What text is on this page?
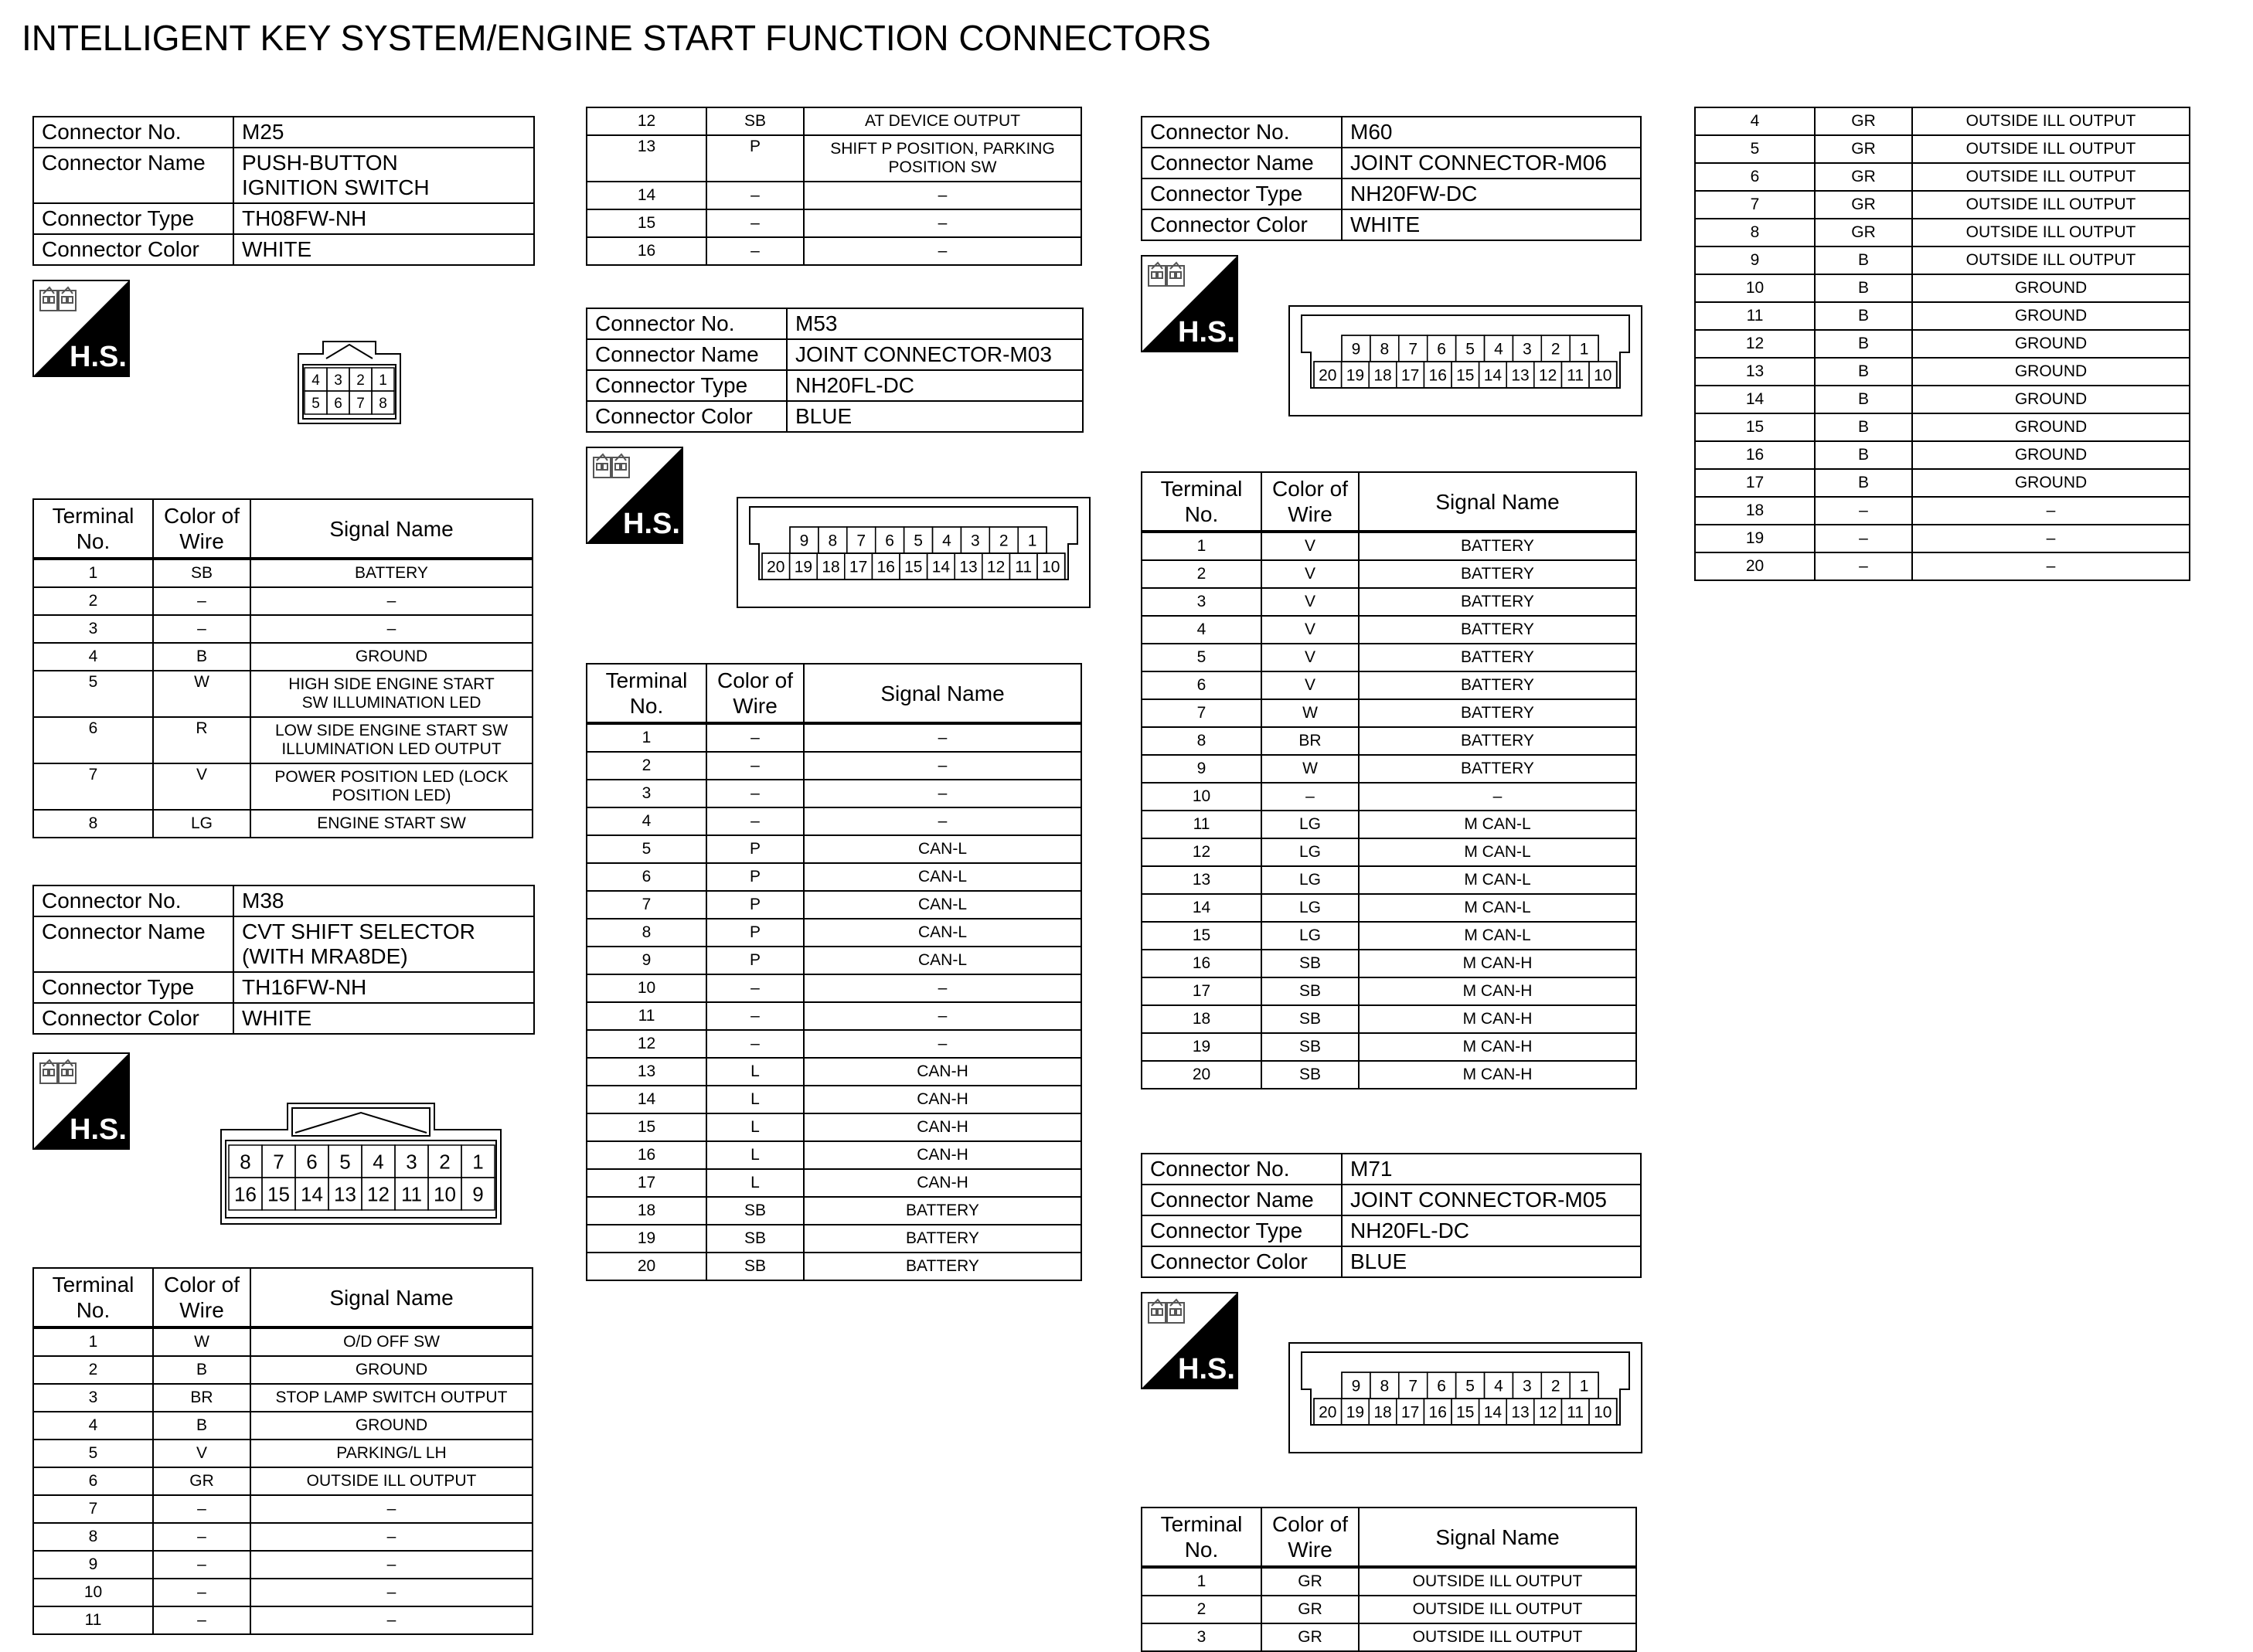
INTELLIGENT KEY SYSTEM/ENGINE START FUNCTION CONNECTORS
Connector No.	M25
Connector Name	PUSH-BUTTON IGNITION SWITCH
Connector Type	TH08FW-NH
Connector Color	WHITE
H.S.
4 3 2 1
5 6 7 8
Terminal No.	Color of Wire	Signal Name
1	SB	BATTERY
2	–	–
3	–	–
4	B	GROUND
5	W	HIGH SIDE ENGINE START SW ILLUMINATION LED
6	R	LOW SIDE ENGINE START SW ILLUMINATION LED OUTPUT
7	V	POWER POSITION LED (LOCK POSITION LED)
8	LG	ENGINE START SW
Connector No.	M38
Connector Name	CVT SHIFT SELECTOR (WITH MRA8DE)
Connector Type	TH16FW-NH
Connector Color	WHITE
H.S.
8 7 6 5 4 3 2 1
16 15 14 13 12 11 10 9
Terminal No.	Color of Wire	Signal Name
1	W	O/D OFF SW
2	B	GROUND
3	BR	STOP LAMP SWITCH OUTPUT
4	B	GROUND
5	V	PARKING/L LH
6	GR	OUTSIDE ILL OUTPUT
7	–	–
8	–	–
9	–	–
10	–	–
11	–	–
12	SB	AT DEVICE OUTPUT
13	P	SHIFT P POSITION, PARKING POSITION SW
14	–	–
15	–	–
16	–	–
Connector No.	M53
Connector Name	JOINT CONNECTOR-M03
Connector Type	NH20FL-DC
Connector Color	BLUE
H.S.
9 8 7 6 5 4 3 2 1
20 19 18 17 16 15 14 13 12 11 10
Terminal No.	Color of Wire	Signal Name
1	–	–
2	–	–
3	–	–
4	–	–
5	P	CAN-L
6	P	CAN-L
7	P	CAN-L
8	P	CAN-L
9	P	CAN-L
10	–	–
11	–	–
12	–	–
13	L	CAN-H
14	L	CAN-H
15	L	CAN-H
16	L	CAN-H
17	L	CAN-H
18	SB	BATTERY
19	SB	BATTERY
20	SB	BATTERY
Connector No.	M60
Connector Name	JOINT CONNECTOR-M06
Connector Type	NH20FW-DC
Connector Color	WHITE
H.S.
9 8 7 6 5 4 3 2 1
20 19 18 17 16 15 14 13 12 11 10
Terminal No.	Color of Wire	Signal Name
1	V	BATTERY
2	V	BATTERY
3	V	BATTERY
4	V	BATTERY
5	V	BATTERY
6	V	BATTERY
7	W	BATTERY
8	BR	BATTERY
9	W	BATTERY
10	–	–
11	LG	M CAN-L
12	LG	M CAN-L
13	LG	M CAN-L
14	LG	M CAN-L
15	LG	M CAN-L
16	SB	M CAN-H
17	SB	M CAN-H
18	SB	M CAN-H
19	SB	M CAN-H
20	SB	M CAN-H
Connector No.	M71
Connector Name	JOINT CONNECTOR-M05
Connector Type	NH20FL-DC
Connector Color	BLUE
H.S.
9 8 7 6 5 4 3 2 1
20 19 18 17 16 15 14 13 12 11 10
Terminal No.	Color of Wire	Signal Name
1	GR	OUTSIDE ILL OUTPUT
2	GR	OUTSIDE ILL OUTPUT
3	GR	OUTSIDE ILL OUTPUT
4	GR	OUTSIDE ILL OUTPUT
5	GR	OUTSIDE ILL OUTPUT
6	GR	OUTSIDE ILL OUTPUT
7	GR	OUTSIDE ILL OUTPUT
8	GR	OUTSIDE ILL OUTPUT
9	B	OUTSIDE ILL OUTPUT
10	B	GROUND
11	B	GROUND
12	B	GROUND
13	B	GROUND
14	B	GROUND
15	B	GROUND
16	B	GROUND
17	B	GROUND
18	–	–
19	–	–
20	–	–
